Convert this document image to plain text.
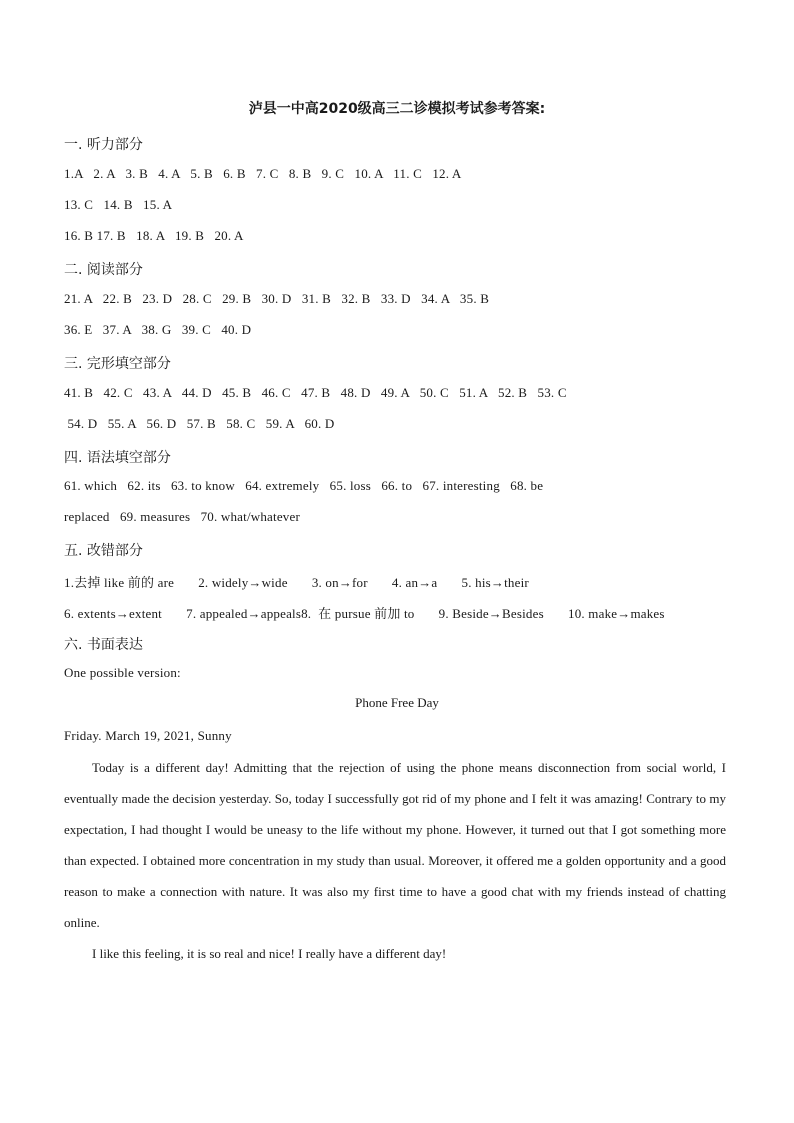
泸县一中高2020级高三二诊模拟考试参考答案:
一. 听力部分
1.A   2. A   3. B   4. A   5. B   6. B   7. C   8. B   9. C   10. A   11. C   12. A
13. C   14. B   15. A
16. B 17. B   18. A   19. B   20. A
二. 阅读部分
21. A   22. B   23. D   28. C   29. B   30. D   31. B   32. B   33. D   34. A   35. B
36. E   37. A   38. G   39. C   40. D
三. 完形填空部分
41. B   42. C   43. A   44. D   45. B   46. C   47. B   48. D   49. A   50. C   51. A   52. B   53. C
54. D   55. A   56. D   57. B   58. C   59. A   60. D
四. 语法填空部分
61. which   62. its   63. to know   64. extremely   65. loss   66. to   67. interesting   68. be
replaced   69. measures   70. what/whatever
五. 改错部分
1.去掉 like 前的 are       2. widely→wide       3. on→for       4. an→a       5. his→their
6. extents→extent       7. appealed→appeals8.  在 pursue 前加 to       9. Beside→Besides       10. make→makes
六. 书面表达
One possible version:
Phone Free Day
Friday. March 19, 2021, Sunny
Today is a different day! Admitting that the rejection of using the phone means disconnection from social world, I eventually made the decision yesterday. So, today I successfully got rid of my phone and I felt it was amazing! Contrary to my expectation, I had thought I would be uneasy to the life without my phone. However, it turned out that I got something more than expected. I obtained more concentration in my study than usual. Moreover, it offered me a golden opportunity and a good reason to make a connection with nature. It was also my first time to have a good chat with my friends instead of chatting online.
I like this feeling, it is so real and nice! I really have a different day!
